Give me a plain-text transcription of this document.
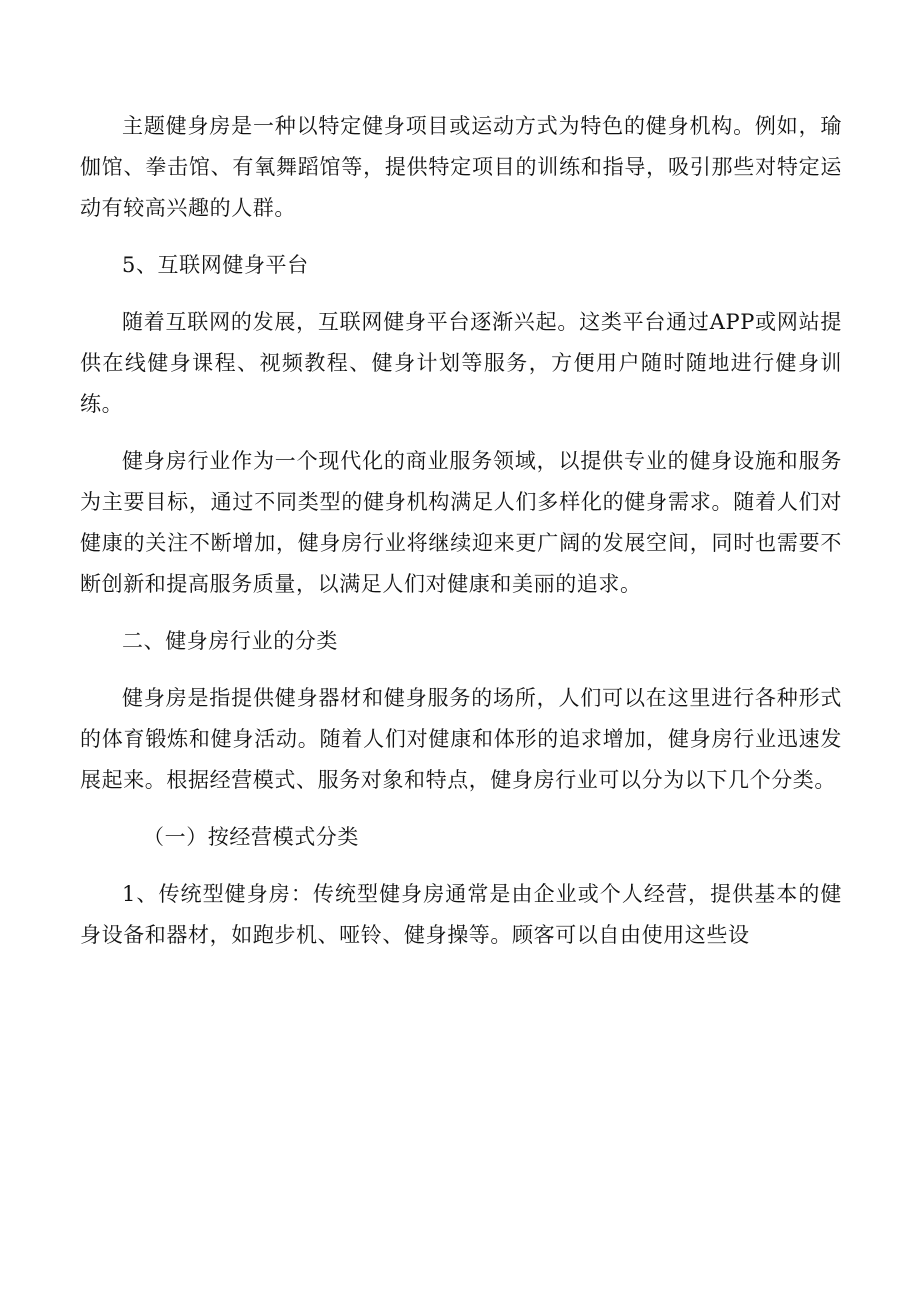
主题健身房是一种以特定健身项目或运动方式为特色的健身机构。例如，瑜伽馆、拳击馆、有氧舞蹈馆等，提供特定项目的训练和指导，吸引那些对特定运动有较高兴趣的人群。

5、互联网健身平台

随着互联网的发展，互联网健身平台逐渐兴起。这类平台通过APP或网站提供在线健身课程、视频教程、健身计划等服务，方便用户随时随地进行健身训练。

健身房行业作为一个现代化的商业服务领域，以提供专业的健身设施和服务为主要目标，通过不同类型的健身机构满足人们多样化的健身需求。随着人们对健康的关注不断增加，健身房行业将继续迎来更广阔的发展空间，同时也需要不断创新和提高服务质量，以满足人们对健康和美丽的追求。

二、健身房行业的分类

健身房是指提供健身器材和健身服务的场所，人们可以在这里进行各种形式的体育锻炼和健身活动。随着人们对健康和体形的追求增加，健身房行业迅速发展起来。根据经营模式、服务对象和特点，健身房行业可以分为以下几个分类。

（一）按经营模式分类

1、传统型健身房：传统型健身房通常是由企业或个人经营，提供基本的健身设备和器材，如跑步机、哑铃、健身操等。顾客可以自由使用这些设
